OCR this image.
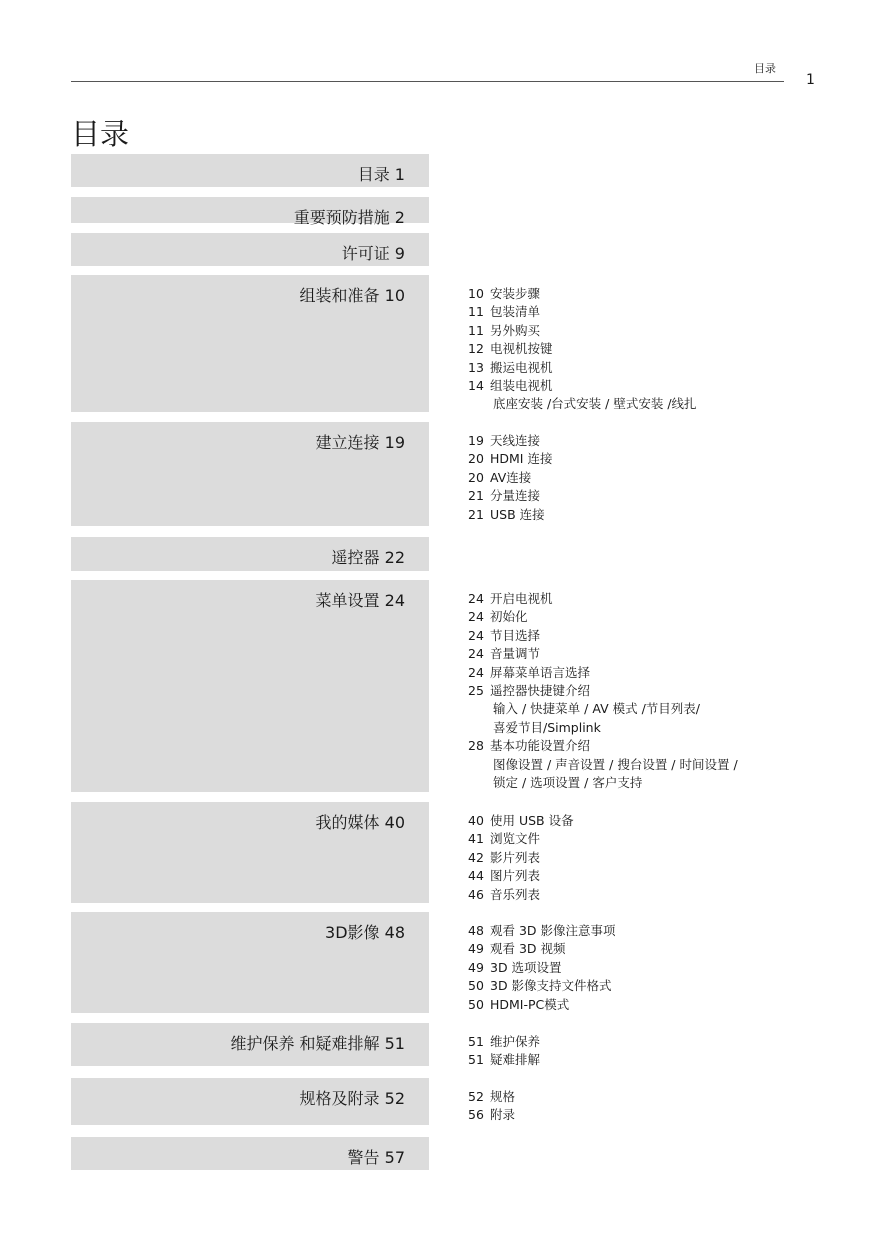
目录
1
目录
目录 1
重要预防措施 2
许可证 9
组装和准备 10	10 安装步骤
11 包装清单
11 另外购买
12 电视机按键
13 搬运电视机
14 组装电视机
底座安装 /台式安装 / 壁式安装 /线扎
建立连接 19	19 天线连接
20 HDMI 连接
20 AV连接
21 分量连接
21 USB 连接
遥控器 22
菜单设置 24	24 开启电视机
24 初始化
24 节目选择
24 音量调节
24 屏幕菜单语言选择
25 遥控器快捷键介绍
输入 / 快捷菜单 / AV 模式 /节目列表/
喜爱节目/Simplink
28 基本功能设置介绍
图像设置 / 声音设置 / 搜台设置 / 时间设置 /
锁定 / 选项设置 / 客户支持
我的媒体 40	40 使用 USB 设备
41 浏览文件
42 影片列表
44 图片列表
46 音乐列表
3D影像 48	48 观看 3D 影像注意事项
49 观看 3D 视频
49 3D 选项设置
50 3D 影像支持文件格式
50 HDMI-PC模式
维护保养 和疑难排解 51	51 维护保养
51 疑难排解
规格及附录 52	52 规格
56 附录
警告 57
